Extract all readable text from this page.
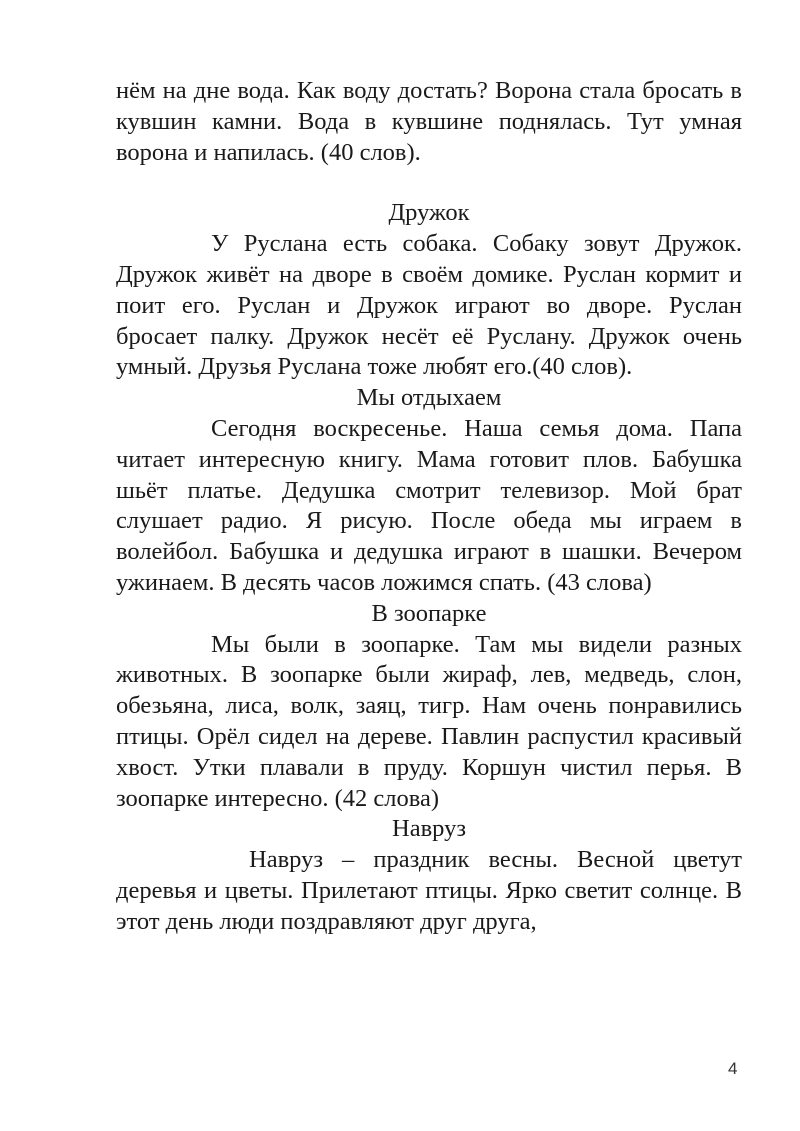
нём на дне вода. Как воду достать? Ворона стала бросать в кувшин камни. Вода в кувшине поднялась. Тут умная ворона и напилась. (40 слов).

Дружок

У Руслана есть собака. Собаку зовут Дружок. Дружок живёт на дворе в своём домике. Руслан кормит и поит его. Руслан и Дружок играют во дворе. Руслан бросает палку. Дружок несёт её Руслану. Дружок очень умный. Друзья Руслана тоже любят его.(40 слов).

Мы отдыхаем

Сегодня воскресенье. Наша семья дома. Папа читает интересную книгу. Мама готовит плов. Бабушка шьёт платье. Дедушка смотрит телевизор. Мой брат слушает радио. Я рисую. После обеда мы играем в волейбол. Бабушка и дедушка играют в шашки. Вечером ужинаем. В десять часов ложимся спать. (43 слова)

В зоопарке

Мы были в зоопарке. Там мы видели разных животных. В зоопарке были жираф, лев, медведь, слон, обезьяна, лиса, волк, заяц, тигр. Нам очень понравились птицы. Орёл сидел на дереве. Павлин распустил красивый хвост. Утки плавали в пруду. Коршун чистил перья. В зоопарке интересно. (42 слова)

Навруз

Навруз – праздник весны. Весной цветут деревья и цветы. Прилетают птицы. Ярко светит солнце. В этот день люди поздравляют друг друга,

4
